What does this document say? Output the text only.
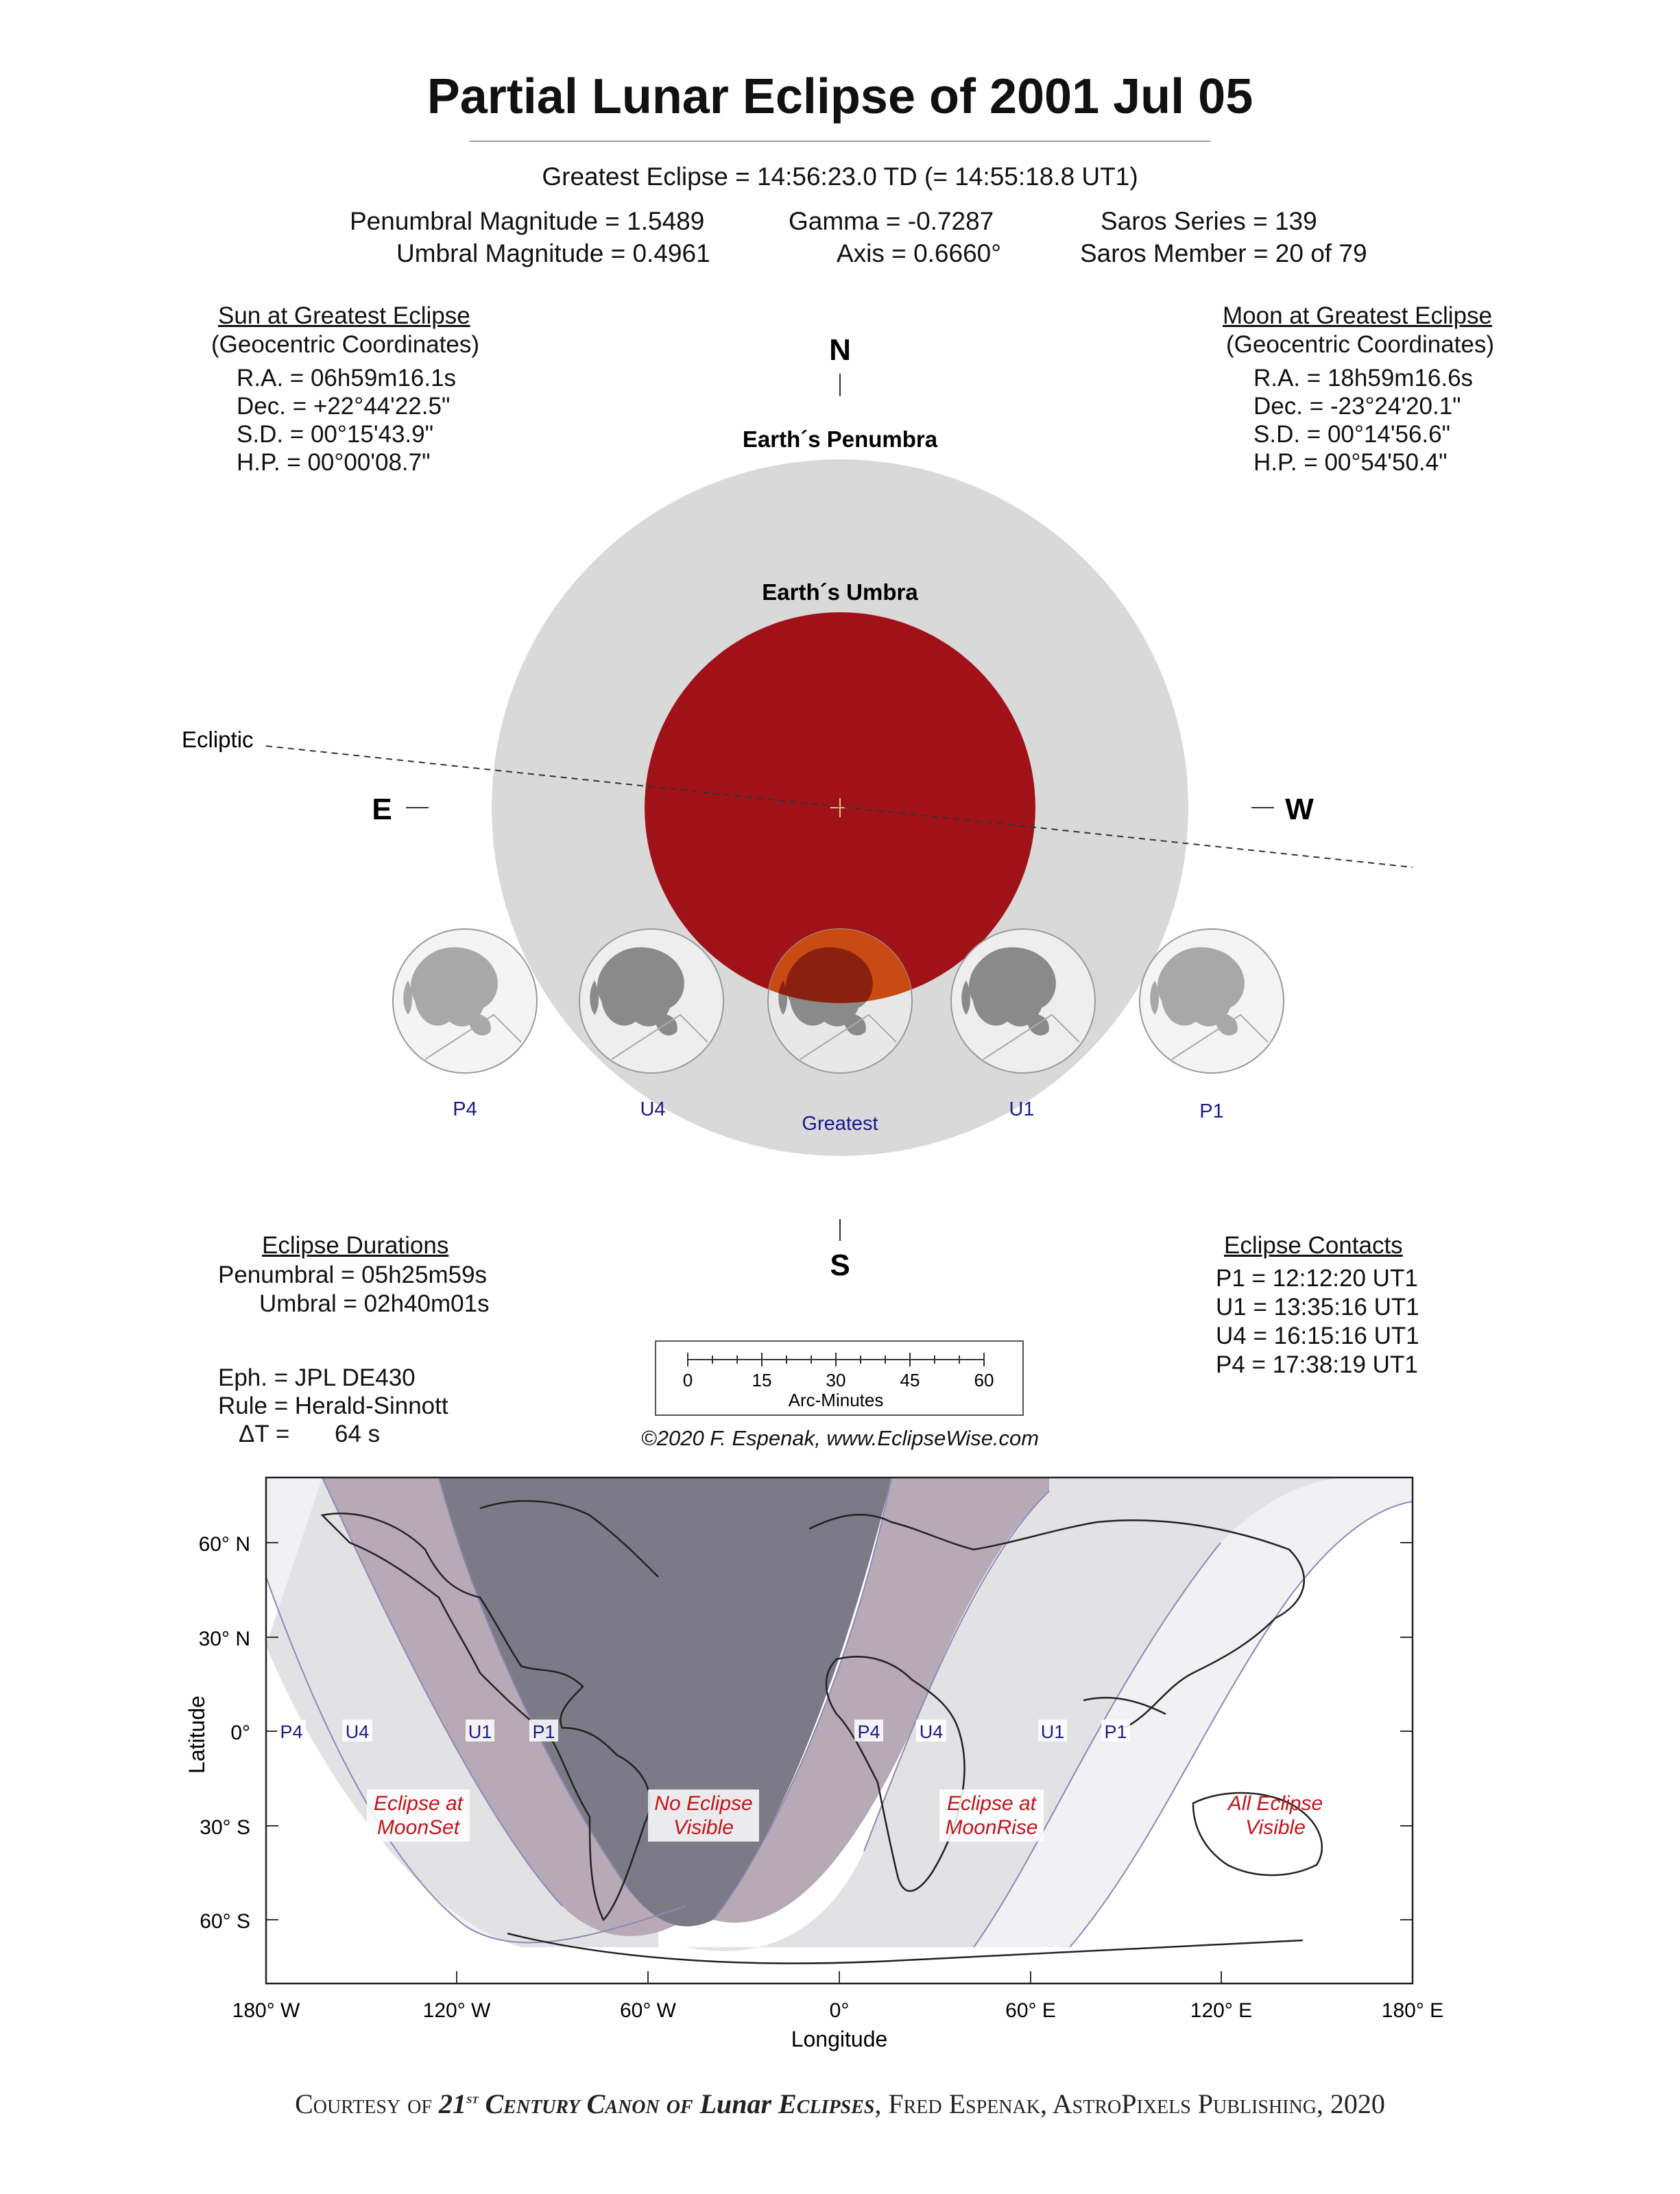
Partial Lunar Eclipse of 2001 Jul 05
Greatest Eclipse = 14:56:23.0 TD (= 14:55:18.8 UT1)
Penumbral Magnitude = 1.5489
Umbral Magnitude = 0.4961
Gamma = -0.7287
Axis = 0.6660°
Saros Series = 139
Saros Member = 20 of 79
Sun at Greatest Eclipse
(Geocentric Coordinates)
R.A. = 06h59m16.1s
Dec. = +22°44'22.5"
S.D. = 00°15'43.9"
H.P. = 00°00'08.7"
Moon at Greatest Eclipse
(Geocentric Coordinates)
R.A. = 18h59m16.6s
Dec. = -23°24'20.1"
S.D. = 00°14'56.6"
H.P. = 00°54'50.4"
N
Earth´s Penumbra
Earth´s Umbra
Ecliptic
E	W
P4	U4
Greatest
U1	P1
S
Eclipse Durations
Penumbral = 05h25m59s
Umbral = 02h40m01s
Eph. = JPL DE430
Rule = Herald-Sinnott
ΔT = 64 s
Eclipse Contacts
P1 = 12:12:20 UT1
U1 = 13:35:16 UT1
U4 = 16:15:16 UT1
P4 = 17:38:19 UT1
0	15	30	45	60
Arc-Minutes
©2020 F. Espenak, www.EclipseWise.com
60° N
30° N
0°
30° S
60° S
Latitude
180° W	120° W	60° W	0°	60° E	120° E	180° E
Longitude
P4 U4	U1 P1	P4 U4	U1 P1
Eclipse at
MoonSet
No Eclipse
Visible
Eclipse at
MoonRise
All Eclipse
Visible
Courtesy of 21st Century Canon of Lunar Eclipses, Fred Espenak, AstroPixels Publishing, 2020
